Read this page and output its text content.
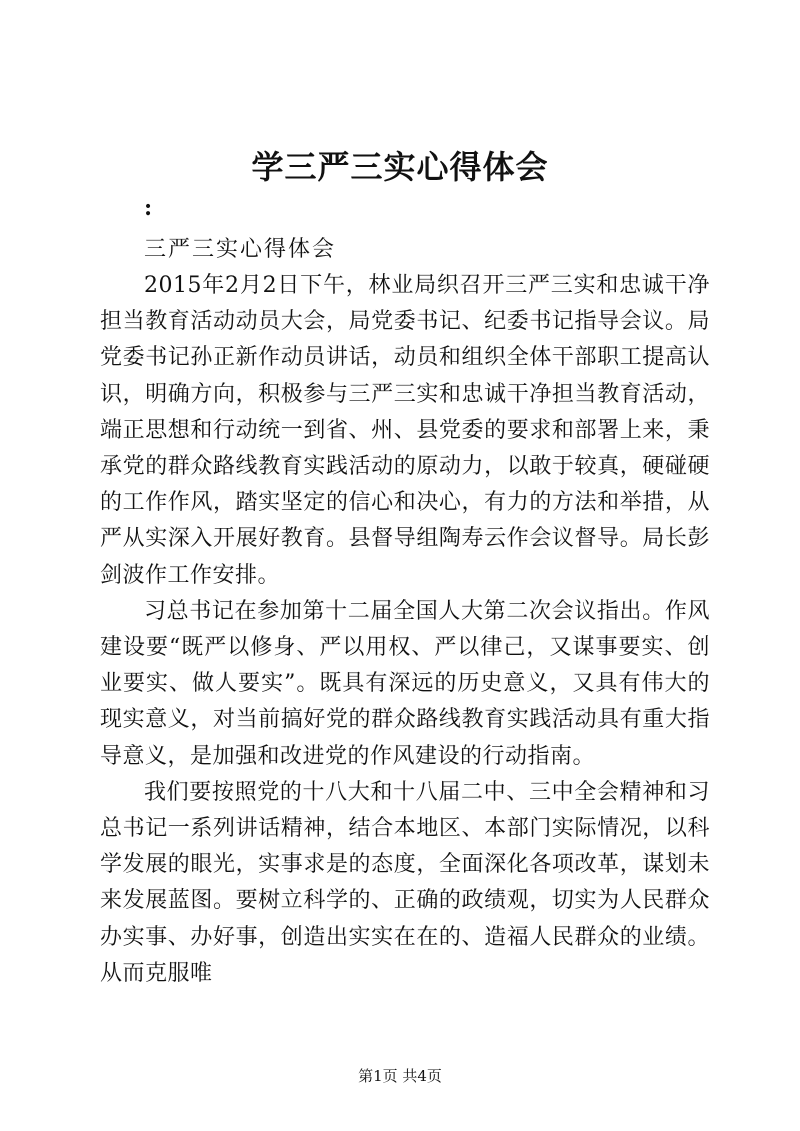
学三严三实心得体会
:
三严三实心得体会

2015年2月2日下午，林业局织召开三严三实和忠诚干净担当教育活动动员大会，局党委书记、纪委书记指导会议。局党委书记孙正新作动员讲话，动员和组织全体干部职工提高认识，明确方向，积极参与三严三实和忠诚干净担当教育活动，端正思想和行动统一到省、州、县党委的要求和部署上来，秉承党的群众路线教育实践活动的原动力，以敢于较真，硬碰硬的工作作风，踏实坚定的信心和决心，有力的方法和举措，从严从实深入开展好教育。县督导组陶寿云作会议督导。局长彭剑波作工作安排。

习总书记在参加第十二届全国人大第二次会议指出。作风建设要“既严以修身、严以用权、严以律己，又谋事要实、创业要实、做人要实”。既具有深远的历史意义，又具有伟大的现实意义，对当前搞好党的群众路线教育实践活动具有重大指导意义，是加强和改进党的作风建设的行动指南。

我们要按照党的十八大和十八届二中、三中全会精神和习总书记一系列讲话精神，结合本地区、本部门实际情况，以科学发展的眼光，实事求是的态度，全面深化各项改革，谋划未来发展蓝图。要树立科学的、正确的政绩观，切实为人民群众办实事、办好事，创造出实实在在的、造福人民群众的业绩。从而克服唯

第1页 共4页
